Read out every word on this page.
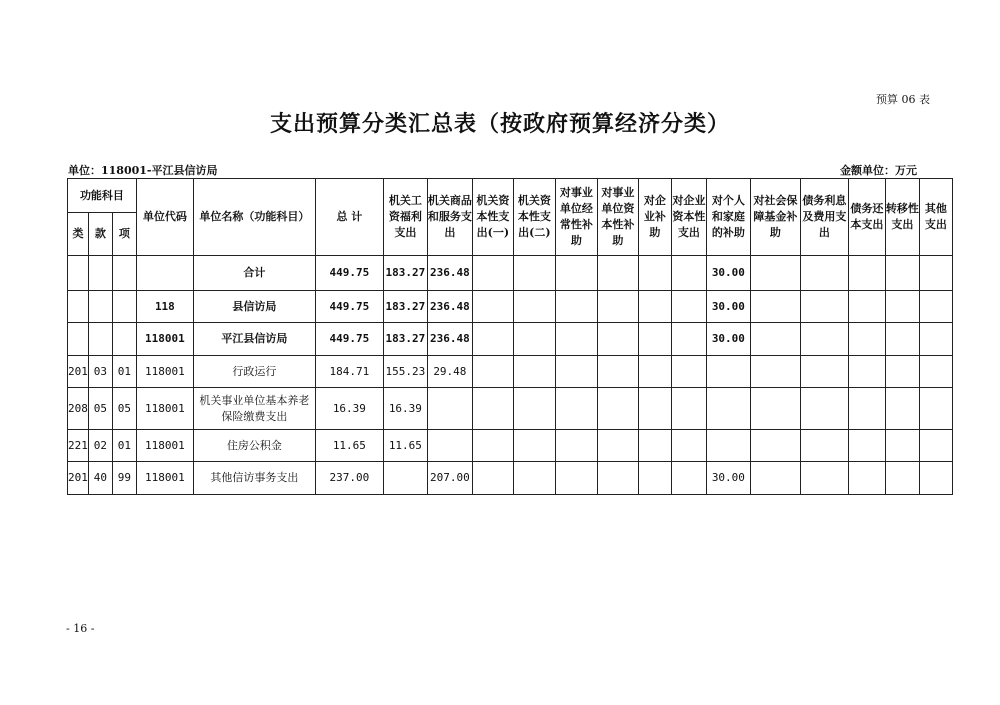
预算 06 表
支出预算分类汇总表（按政府预算经济分类）
单位：118001-平江县信访局	金额单位：万元
功能科目			单位代码	单位名称（功能科目）	总 计	机关工资福利支出	机关商品和服务支出	机关资本性支出(一)	机关资本性支出(二)	对事业单位经常性补助	对事业单位资本性补助	对企业补助	对企业资本性支出	对个人和家庭的补助	对社会保障基金补助	债务利息及费用支出	债务还本支出	转移性支出	其他支出
类	款	项																	
				合计	449.75	183.27	236.48							30.00					
			118	县信访局	449.75	183.27	236.48							30.00					
			118001	平江县信访局	449.75	183.27	236.48							30.00					
201	03	01	118001	行政运行	184.71	155.23	29.48												
208	05	05	118001	机关事业单位基本养老保险缴费支出	16.39	16.39													
221	02	01	118001	住房公积金	11.65	11.65													
201	40	99	118001	其他信访事务支出	237.00		207.00							30.00					
- 16 -
